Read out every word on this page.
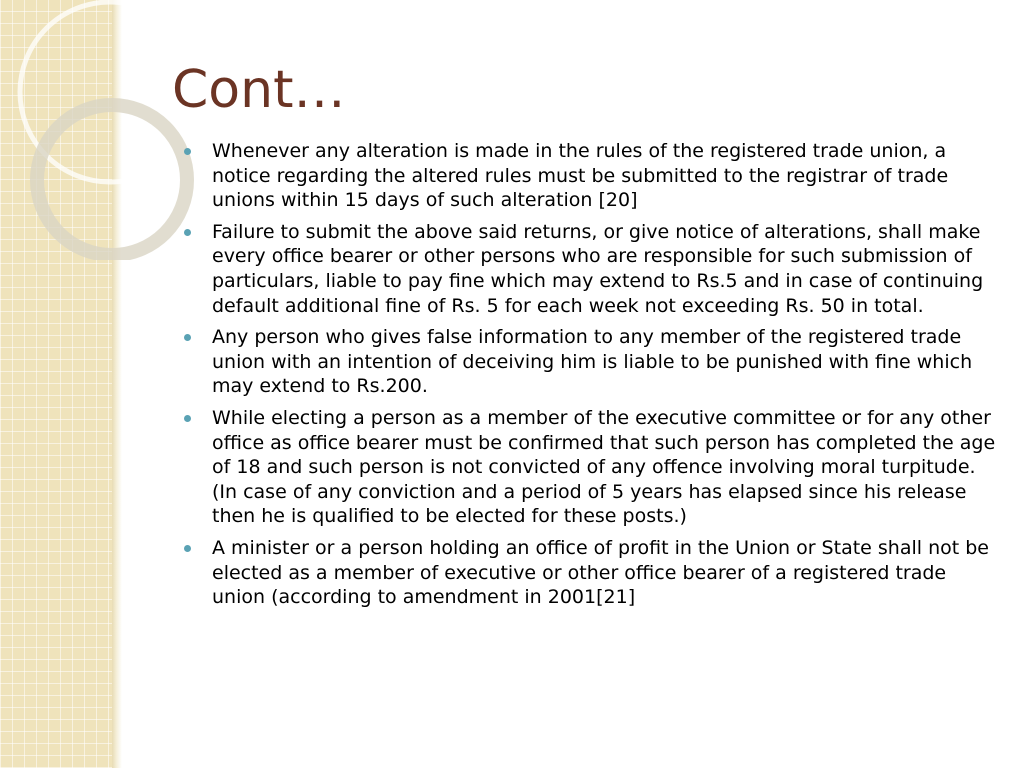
Cont…
Whenever any alteration is made in the rules of the registered trade union, a notice regarding the altered rules must be submitted to the registrar of trade unions within 15 days of such alteration [20]
Failure to submit the above said returns, or give notice of alterations, shall make every office bearer or other persons who are responsible for such submission of particulars, liable to pay fine which may extend to Rs.5 and in case of continuing default additional fine of Rs. 5 for each week not exceeding Rs. 50 in total.
Any person who gives false information to any member of the registered trade union with an intention of deceiving him is liable to be punished with fine which may extend to Rs.200.
While electing a person as a member of the executive committee or for any other office as office bearer must be confirmed that such person has completed the age of 18 and such person is not convicted of any offence involving moral turpitude. (In case of any conviction and a period of 5 years has elapsed since his release then he is qualified to be elected for these posts.)
A minister or a person holding an office of profit in the Union or State shall not be elected as a member of executive or other office bearer of a registered trade union (according to amendment in 2001[21]
